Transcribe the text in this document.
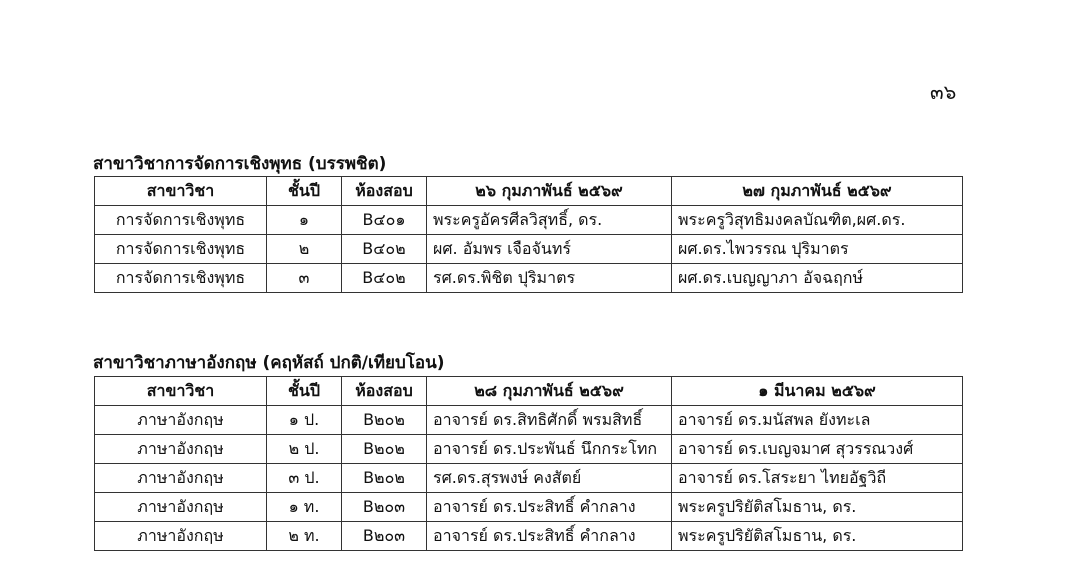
๓๖
สาขาวิชาการจัดการเชิงพุทธ (บรรพชิต)
สาขาวิชา	ชั้นปี	ห้องสอบ	๒๖ กุมภาพันธ์ ๒๕๖๙	๒๗ กุมภาพันธ์ ๒๕๖๙
การจัดการเชิงพุทธ	๑	B๔๐๑	พระครูอัครศีลวิสุทธิ์, ดร.	พระครูวิสุทธิมงคลบัณฑิต,ผศ.ดร.
การจัดการเชิงพุทธ	๒	B๔๐๒	ผศ. อัมพร เจือจันทร์	ผศ.ดร.ไพวรรณ ปุริมาตร
การจัดการเชิงพุทธ	๓	B๔๐๒	รศ.ดร.พิชิต ปุริมาตร	ผศ.ดร.เบญญาภา อัจฉฤกษ์
สาขาวิชาภาษาอังกฤษ (คฤหัสถ์ ปกติ/เทียบโอน)
สาขาวิชา	ชั้นปี	ห้องสอบ	๒๘ กุมภาพันธ์ ๒๕๖๙	๑ มีนาคม ๒๕๖๙
ภาษาอังกฤษ	๑ ป.	B๒๐๒	อาจารย์ ดร.สิทธิศักดิ์ พรมสิทธิ์	อาจารย์ ดร.มนัสพล ยังทะเล
ภาษาอังกฤษ	๒ ป.	B๒๐๒	อาจารย์ ดร.ประพันธ์ นึกกระโทก	อาจารย์ ดร.เบญจมาศ สุวรรณวงศ์
ภาษาอังกฤษ	๓ ป.	B๒๐๒	รศ.ดร.สุรพงษ์ คงสัตย์	อาจารย์ ดร.โสระยา ไทยอัฐวิถี
ภาษาอังกฤษ	๑ ท.	B๒๐๓	อาจารย์ ดร.ประสิทธิ์ คำกลาง	พระครูปริยัติสโมธาน, ดร.
ภาษาอังกฤษ	๒ ท.	B๒๐๓	อาจารย์ ดร.ประสิทธิ์ คำกลาง	พระครูปริยัติสโมธาน, ดร.
